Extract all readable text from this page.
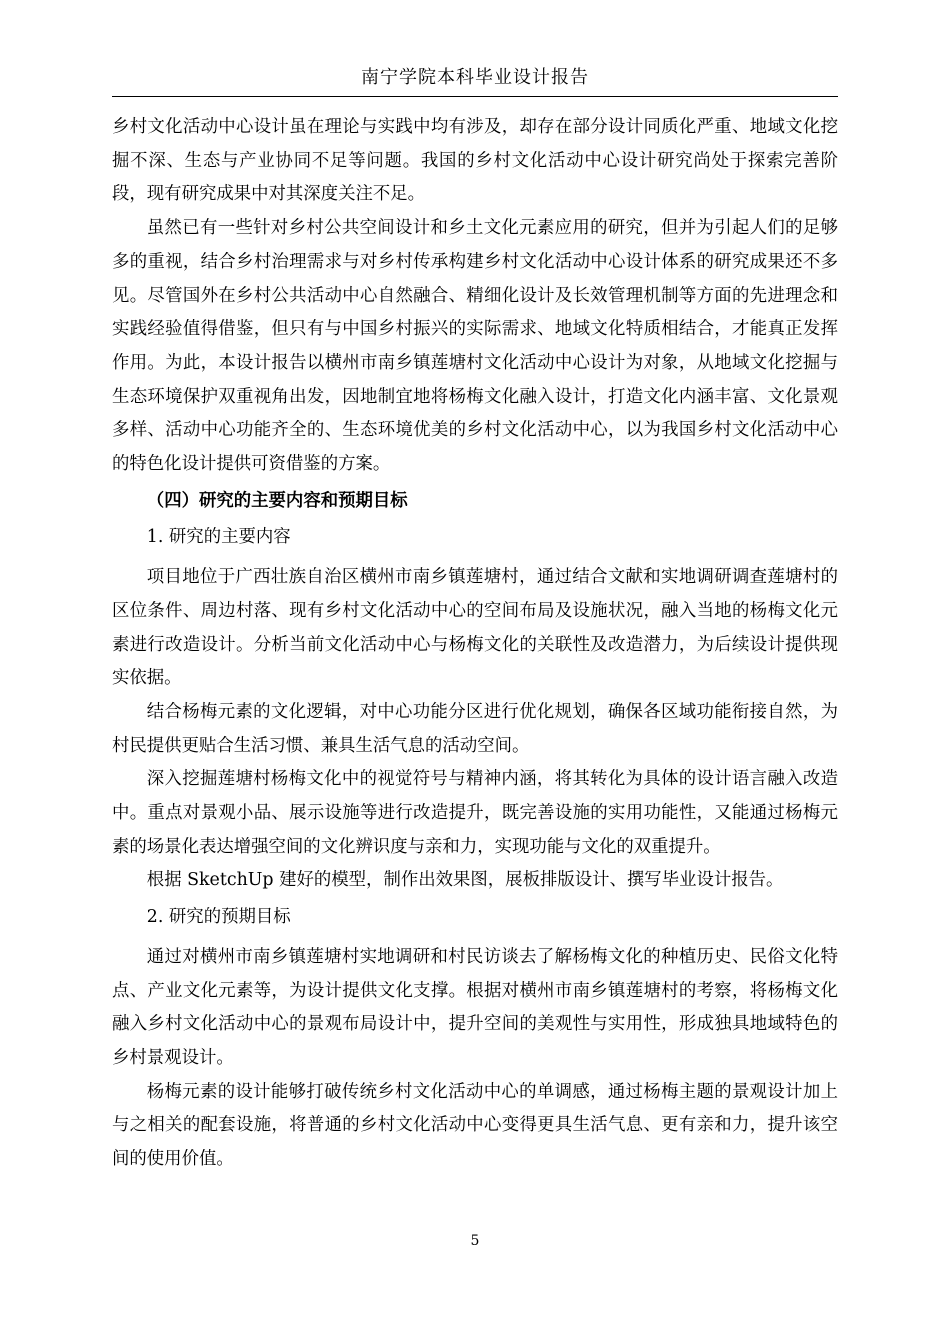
南宁学院本科毕业设计报告

乡村文化活动中心设计虽在理论与实践中均有涉及，却存在部分设计同质化严重、地域文化挖掘不深、生态与产业协同不足等问题。我国的乡村文化活动中心设计研究尚处于探索完善阶段，现有研究成果中对其深度关注不足。

虽然已有一些针对乡村公共空间设计和乡土文化元素应用的研究，但并为引起人们的足够多的重视，结合乡村治理需求与对乡村传承构建乡村文化活动中心设计体系的研究成果还不多见。尽管国外在乡村公共活动中心自然融合、精细化设计及长效管理机制等方面的先进理念和实践经验值得借鉴，但只有与中国乡村振兴的实际需求、地域文化特质相结合，才能真正发挥作用。为此，本设计报告以横州市南乡镇莲塘村文化活动中心设计为对象，从地域文化挖掘与生态环境保护双重视角出发，因地制宜地将杨梅文化融入设计，打造文化内涵丰富、文化景观多样、活动中心功能齐全的、生态环境优美的乡村文化活动中心，以为我国乡村文化活动中心的特色化设计提供可资借鉴的方案。

（四）研究的主要内容和预期目标

1. 研究的主要内容

项目地位于广西壮族自治区横州市南乡镇莲塘村，通过结合文献和实地调研调查莲塘村的区位条件、周边村落、现有乡村文化活动中心的空间布局及设施状况，融入当地的杨梅文化元素进行改造设计。分析当前文化活动中心与杨梅文化的关联性及改造潜力，为后续设计提供现实依据。

结合杨梅元素的文化逻辑，对中心功能分区进行优化规划，确保各区域功能衔接自然，为村民提供更贴合生活习惯、兼具生活气息的活动空间。

深入挖掘莲塘村杨梅文化中的视觉符号与精神内涵，将其转化为具体的设计语言融入改造中。重点对景观小品、展示设施等进行改造提升，既完善设施的实用功能性，又能通过杨梅元素的场景化表达增强空间的文化辨识度与亲和力，实现功能与文化的双重提升。

根据 SketchUp 建好的模型，制作出效果图，展板排版设计、撰写毕业设计报告。

2. 研究的预期目标

通过对横州市南乡镇莲塘村实地调研和村民访谈去了解杨梅文化的种植历史、民俗文化特点、产业文化元素等，为设计提供文化支撑。根据对横州市南乡镇莲塘村的考察，将杨梅文化融入乡村文化活动中心的景观布局设计中，提升空间的美观性与实用性，形成独具地域特色的乡村景观设计。

杨梅元素的设计能够打破传统乡村文化活动中心的单调感，通过杨梅主题的景观设计加上与之相关的配套设施，将普通的乡村文化活动中心变得更具生活气息、更有亲和力，提升该空间的使用价值。

5
